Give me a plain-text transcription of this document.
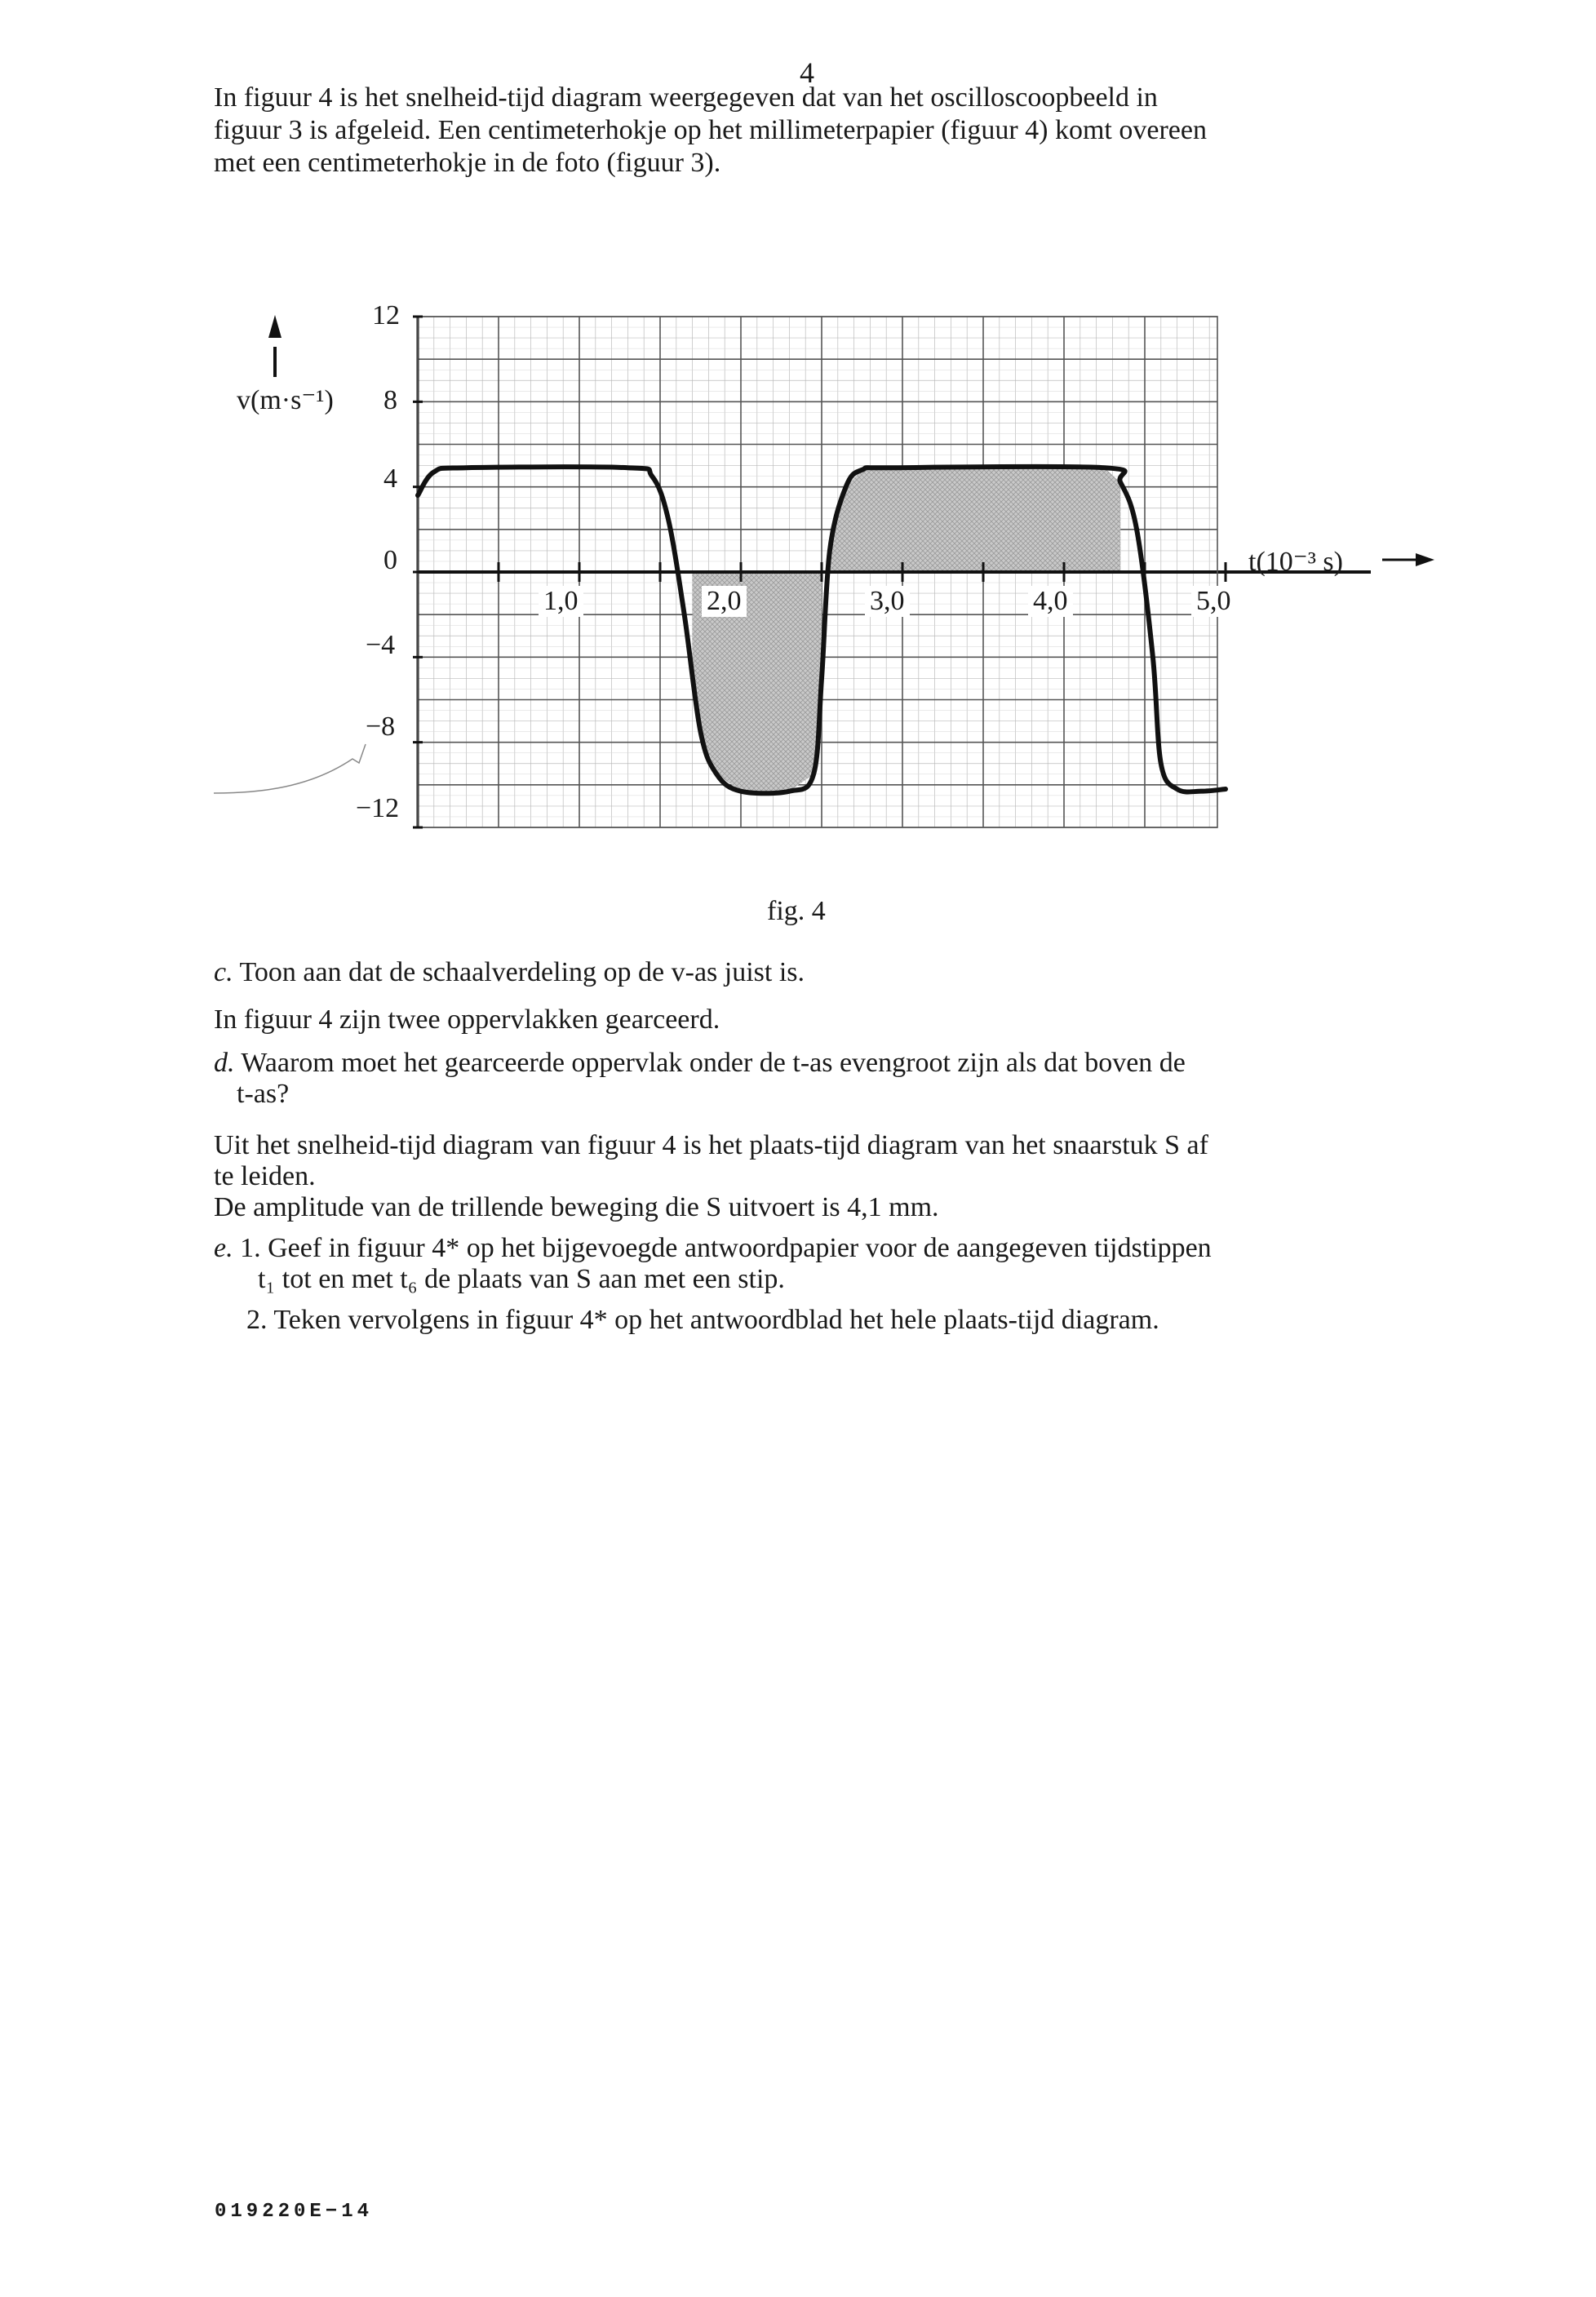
4
In figuur 4 is het snelheid-tijd diagram weergegeven dat van het oscilloscoopbeeld in
figuur 3 is afgeleid. Een centimeterhokje op het millimeterpapier (figuur 4) komt overeen
met een centimeterhokje in de foto (figuur 3).
v(m·s⁻¹)
t(10⁻³ s)
12
8
4
0
−4
−8
−12
1,0	2,0	3,0	4,0	5,0
fig. 4
c. Toon aan dat de schaalverdeling op de v-as juist is.
In figuur 4 zijn twee oppervlakken gearceerd.
d. Waarom moet het gearceerde oppervlak onder de t-as evengroot zijn als dat boven de
t-as?
Uit het snelheid-tijd diagram van figuur 4 is het plaats-tijd diagram van het snaarstuk S af
te leiden.
De amplitude van de trillende beweging die S uitvoert is 4,1 mm.
e. 1. Geef in figuur 4* op het bijgevoegde antwoordpapier voor de aangegeven tijdstippen
t₁ tot en met t₆ de plaats van S aan met een stip.
2. Teken vervolgens in figuur 4* op het antwoordblad het hele plaats-tijd diagram.
019220E−14
